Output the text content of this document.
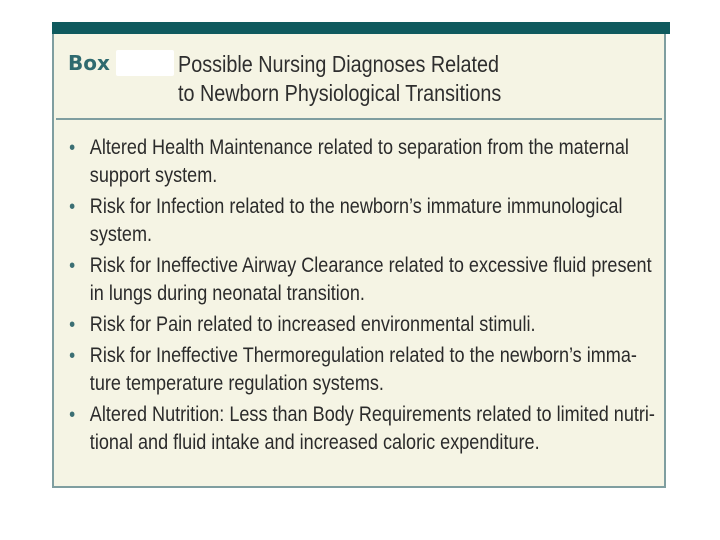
Box	Possible Nursing Diagnoses Related
to Newborn Physiological Transitions
• Altered Health Maintenance related to separation from the maternal
support system.
• Risk for Infection related to the newborn’s immature immunological
system.
• Risk for Ineffective Airway Clearance related to excessive fluid present
in lungs during neonatal transition.
• Risk for Pain related to increased environmental stimuli.
• Risk for Ineffective Thermoregulation related to the newborn’s imma-
ture temperature regulation systems.
• Altered Nutrition: Less than Body Requirements related to limited nutri-
tional and fluid intake and increased caloric expenditure.
